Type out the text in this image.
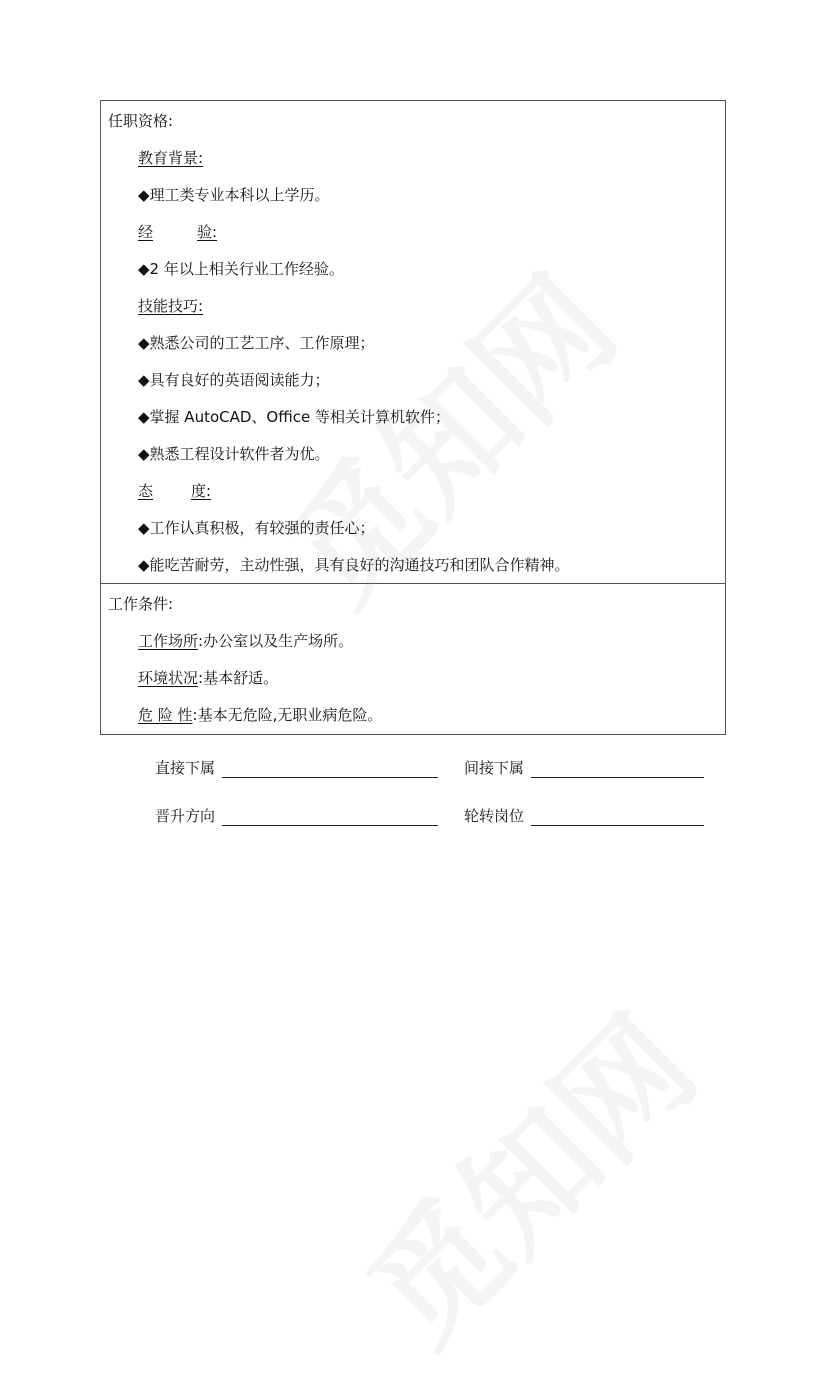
任职资格:
教育背景:
◆理工类专业本科以上学历。
经	验:
◆2 年以上相关行业工作经验。
技能技巧:
◆熟悉公司的工艺工序、工作原理；
◆具有良好的英语阅读能力；
◆掌握 AutoCAD、Office 等相关计算机软件；
◆熟悉工程设计软件者为优。
态	度:
◆工作认真积极，有较强的责任心；
◆能吃苦耐劳，主动性强，具有良好的沟通技巧和团队合作精神。
工作条件:
工作场所:办公室以及生产场所。
环境状况:基本舒适。
危 险 性:基本无危险,无职业病危险。
直接下属	间接下属
晋升方向	轮转岗位
